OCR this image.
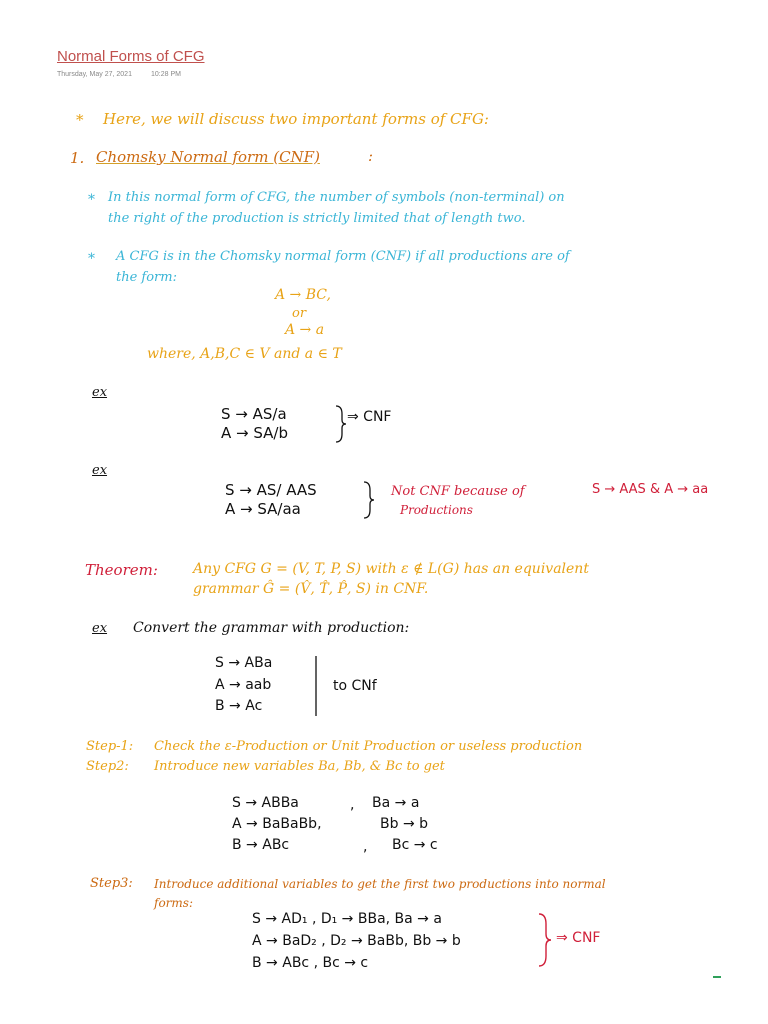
Normal Forms of CFG
Thursday, May 27, 2021	10:28 PM
* Here, we will discuss two important forms of CFG:
1. Chomsky Normal form (CNF)	:
* In this normal form of CFG, the number of symbols (non-terminal) on
the right of the production is strictly limited that of length two.
* A CFG is in the Chomsky normal form (CNF) if all productions are of
the form:
A → BC,
or
A → a
where, A,B,C ∈ V and a ∈ T
ex
S → AS/a
A → SA/b
⇒ CNF
ex
S → AS/ AAS
A → SA/aa
Not CNF because of	S → AAS & A → aa
Productions
Theorem:	Any CFG G = (V, T, P, S) with ε ∉ L(G) has an equivalent
grammar Ĝ = (V̂, T̂, P̂, S) in CNF.
ex Convert the grammar with production:
S → ABa
A → aab
B → Ac
to CNf
Step-1: Check the ε-Production or Unit Production or useless production
Step2: Introduce new variables Ba, Bb, & Bc to get
S → ABBa	, Ba → a
A → BaBaBb,	Bb → b
B → ABc	, Bc → c
Step3: Introduce additional variables to get the first two productions into normal
forms:
S → AD₁ , D₁ → BBa, Ba → a
A → BaD₂ , D₂ → BaBb, Bb → b
B → ABc , Bc → c
⇒ CNF
